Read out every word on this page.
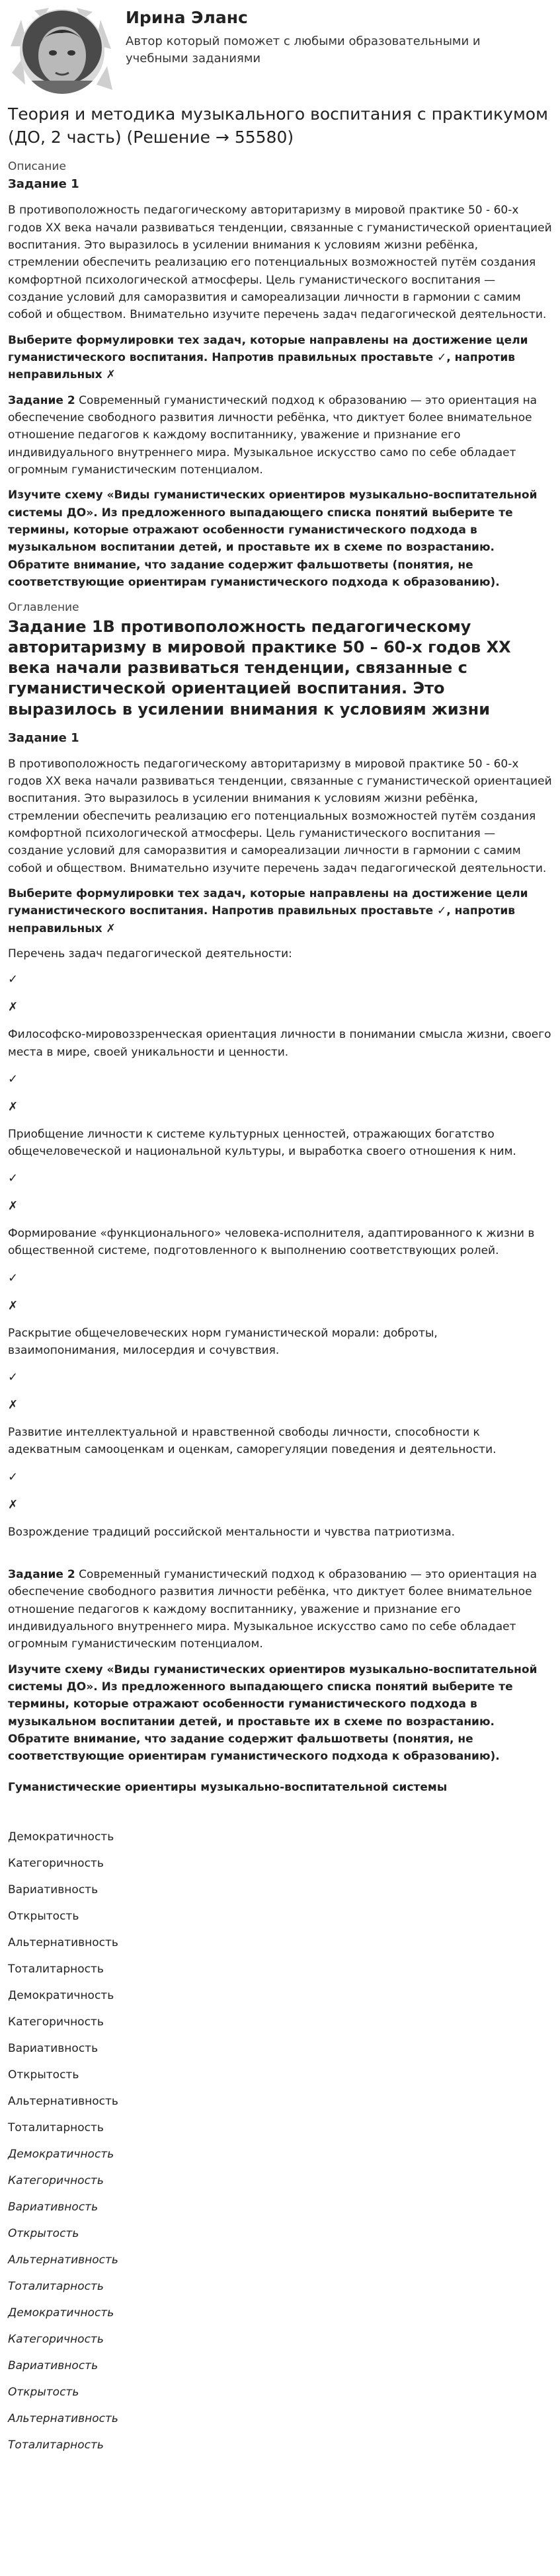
Ирина Эланс
Автор который поможет с любыми образовательными и учебными заданиями
Теория и методика музыкального воспитания с практикумом (ДО, 2 часть) (Решение → 55580)
Описание
Задание 1

В противоположность педагогическому авторитаризму в мировой практике 50 - 60-х годов XX века начали развиваться тенденции, связанные с гуманистической ориентацией воспитания. Это выразилось в усилении внимания к условиям жизни ребёнка, стремлении обеспечить реализацию его потенциальных возможностей путём создания комфортной психологической атмосферы. Цель гуманистического воспитания — создание условий для саморазвития и самореализации личности в гармонии с самим собой и обществом. Внимательно изучите перечень задач педагогической деятельности.

Выберите формулировки тех задач, которые направлены на достижение цели гуманистического воспитания. Напротив правильных проставьте ✓, напротив неправильных ✗

Задание 2 Современный гуманистический подход к образованию — это ориентация на обеспечение свободного развития личности ребёнка, что диктует более внимательное отношение педагогов к каждому воспитаннику, уважение и признание его индивидуального внутреннего мира. Музыкальное искусство само по себе обладает огромным гуманистическим потенциалом.

Изучите схему «Виды гуманистических ориентиров музыкально-воспитательной системы ДО». Из предложенного выпадающего списка понятий выберите те термины, которые отражают особенности гуманистического подхода в музыкальном воспитании детей, и проставьте их в схеме по возрастанию. Обратите внимание, что задание содержит фальшответы (понятия, не соответствующие ориентирам гуманистического подхода к образованию).

Оглавление
Задание 1В противоположность педагогическому авторитаризму в мировой практике 50 – 60-х годов XX века начали развиваться тенденции, связанные с гуманистической ориентацией воспитания. Это выразилось в усилении внимания к условиям жизни
Задание 1

В противоположность педагогическому авторитаризму в мировой практике 50 - 60-х годов XX века начали развиваться тенденции, связанные с гуманистической ориентацией воспитания. Это выразилось в усилении внимания к условиям жизни ребёнка, стремлении обеспечить реализацию его потенциальных возможностей путём создания комфортной психологической атмосферы. Цель гуманистического воспитания — создание условий для саморазвития и самореализации личности в гармонии с самим собой и обществом. Внимательно изучите перечень задач педагогической деятельности.

Выберите формулировки тех задач, которые направлены на достижение цели гуманистического воспитания. Напротив правильных проставьте ✓, напротив неправильных ✗

Перечень задач педагогической деятельности:

✓
✗

Философско-мировоззренческая ориентация личности в понимании смысла жизни, своего места в мире, своей уникальности и ценности.

✓
✗

Приобщение личности к системе культурных ценностей, отражающих богатство общечеловеческой и национальной культуры, и выработка своего отношения к ним.

✓
✗

Формирование «функционального» человека-исполнителя, адаптированного к жизни в общественной системе, подготовленного к выполнению соответствующих ролей.

✓
✗

Раскрытие общечеловеческих норм гуманистической морали: доброты, взаимопонимания, милосердия и сочувствия.

✓
✗

Развитие интеллектуальной и нравственной свободы личности, способности к адекватным самооценкам и оценкам, саморегуляции поведения и деятельности.

✓
✗

Возрождение традиций российской ментальности и чувства патриотизма.

Задание 2 Современный гуманистический подход к образованию — это ориентация на обеспечение свободного развития личности ребёнка, что диктует более внимательное отношение педагогов к каждому воспитаннику, уважение и признание его индивидуального внутреннего мира. Музыкальное искусство само по себе обладает огромным гуманистическим потенциалом.

Изучите схему «Виды гуманистических ориентиров музыкально-воспитательной системы ДО». Из предложенного выпадающего списка понятий выберите те термины, которые отражают особенности гуманистического подхода в музыкальном воспитании детей, и проставьте их в схеме по возрастанию. Обратите внимание, что задание содержит фальшответы (понятия, не соответствующие ориентирам гуманистического подхода к образованию).

Гуманистические ориентиры музыкально-воспитательной системы

Демократичность

Категоричность

Вариативность

Открытость

Альтернативность

Тоталитарность

Демократичность

Категоричность

Вариативность

Открытость

Альтернативность

Тоталитарность

Демократичность

Категоричность

Вариативность

Открытость

Альтернативность

Тоталитарность

Демократичность

Категоричность

Вариативность

Открытость

Альтернативность

Тоталитарность
